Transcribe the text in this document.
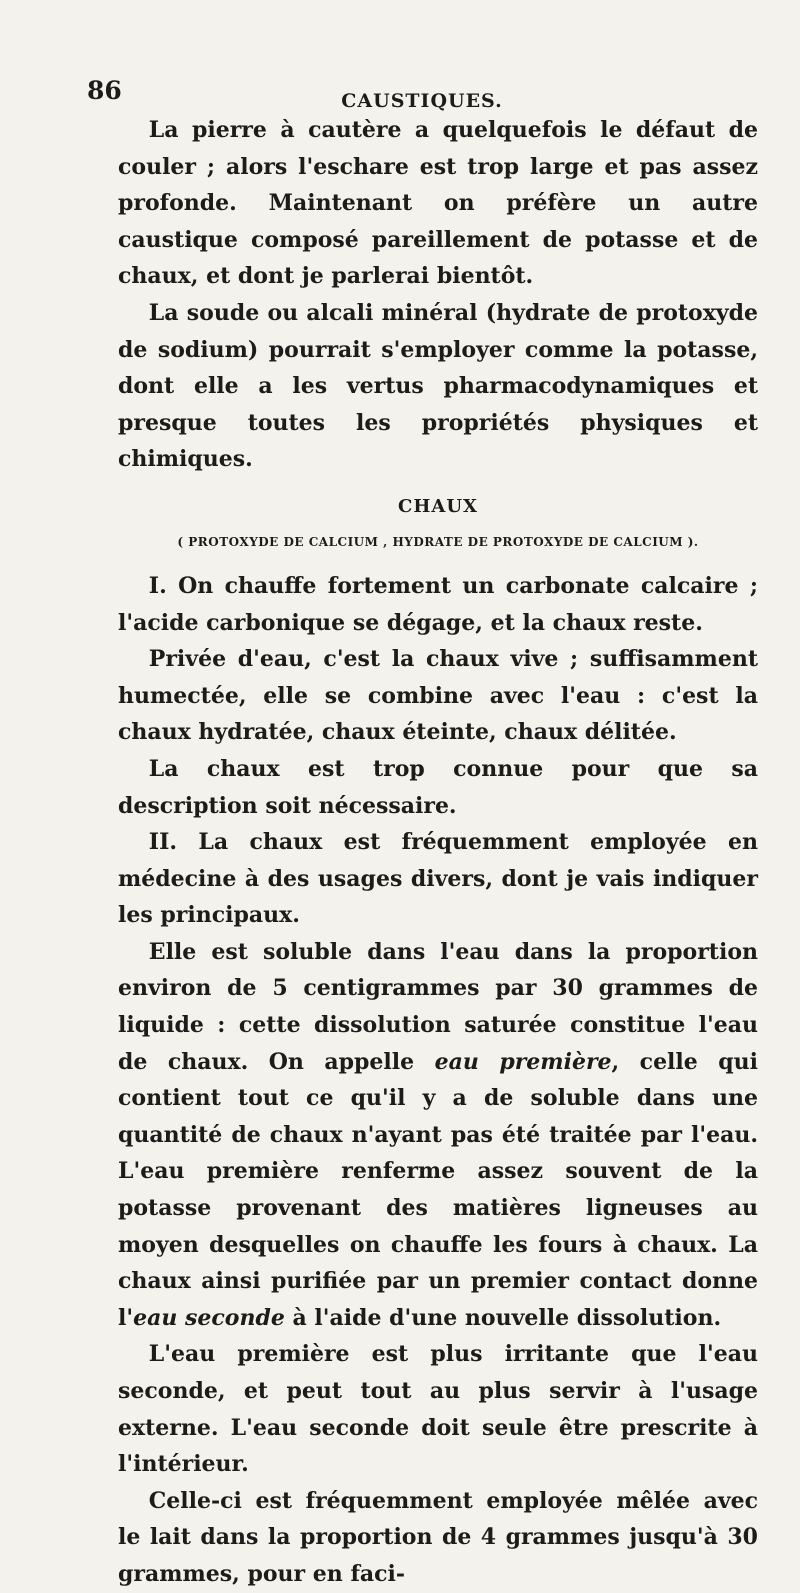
86	CAUSTIQUES.

La pierre à cautère a quelquefois le défaut de couler ; alors l'eschare est trop large et pas assez profonde. Maintenant on préfère un autre caustique composé pareillement de potasse et de chaux, et dont je parlerai bientôt.

La soude ou alcali minéral (hydrate de protoxyde de sodium) pourrait s'employer comme la potasse, dont elle a les vertus pharmacodynamiques et presque toutes les propriétés physiques et chimiques.

CHAUX
( PROTOXYDE DE CALCIUM , HYDRATE DE PROTOXYDE DE CALCIUM ).

I. On chauffe fortement un carbonate calcaire ; l'acide carbonique se dégage, et la chaux reste.

Privée d'eau, c'est la chaux vive ; suffisamment humectée, elle se combine avec l'eau : c'est la chaux hydratée, chaux éteinte, chaux délitée.

La chaux est trop connue pour que sa description soit nécessaire.

II. La chaux est fréquemment employée en médecine à des usages divers, dont je vais indiquer les principaux.

Elle est soluble dans l'eau dans la proportion environ de 5 centigrammes par 30 grammes de liquide : cette dissolution saturée constitue l'eau de chaux. On appelle eau première, celle qui contient tout ce qu'il y a de soluble dans une quantité de chaux n'ayant pas été traitée par l'eau. L'eau première renferme assez souvent de la potasse provenant des matières ligneuses au moyen desquelles on chauffe les fours à chaux. La chaux ainsi purifiée par un premier contact donne l'eau seconde à l'aide d'une nouvelle dissolution.

L'eau première est plus irritante que l'eau seconde, et peut tout au plus servir à l'usage externe. L'eau seconde doit seule être prescrite à l'intérieur.

Celle-ci est fréquemment employée mêlée avec le lait dans la proportion de 4 grammes jusqu'à 30 grammes, pour en faci-
